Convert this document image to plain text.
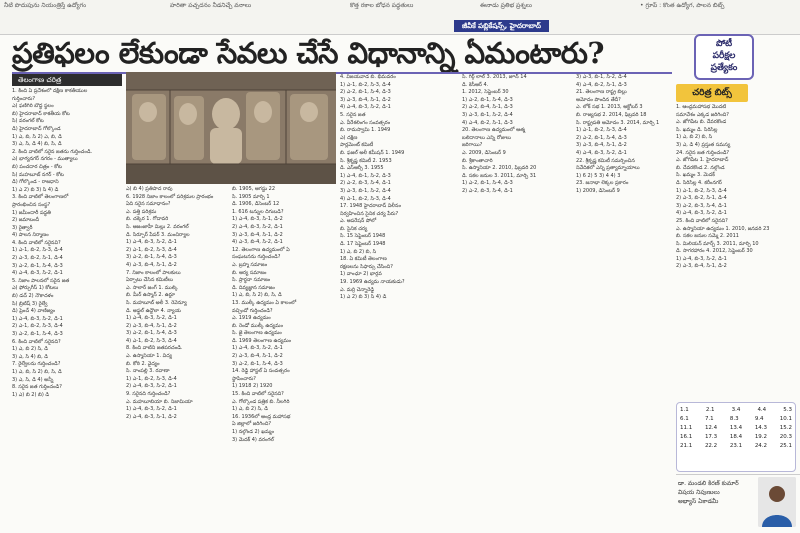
నీటి పొదుపును నియంత్రిస్తే ఉద్యోగం	హరితా పచ్చదనం నీడనిచ్చే వనాలు	కొత్త రకాల బోధన పద్ధతులు	ఈనాడు ప్రతిభ ప్రశ్నలు	• గ్రూప్ : కొంత ఉద్యోగ, పాలన బిట్స్
జీవీకే పబ్లికేషన్స్, హైదరాబాద్
ప్రతిఫలం లేకుండా సేవలు చేసే విధానాన్ని ఏమంటారు?	పోటీ
పరీక్షల
ప్రత్యేకం
తెలంగాణ చరిత్ర
చరిత్ర బిట్స్

1. కింది ఏ ప్రదేశంలో దక్షిణ కాకతీయుల

గుర్తించారు?

ఎ) ఫణిగిరి బౌద్ధ స్థలం

బి) హైదరాబాద్ కాకతీయ కోట

సి) వరంగల్ కోట

డి) హైదరాబాద్ గోల్కొండ

1) ఎ, బి, సి 2) ఎ, బి, డి

3) ఎ, సి, డి 4) బి, సి, డి

2. కింది వాటిలో సరైన జతను గుర్తించండి.

ఎ) భాగ్యనగర్ నగరం - ముత్యాలు

బి) పంచదార చిత్రం - కోట

సి) మహబూబ్ నగర్ - కోట

డి) గోల్కొండ - రాజధాని

1) ఎ 2) బి 3) సి 4) డి

3. కింది వాటిలో తెలంగాణలో

ప్రారంభించిన సంస్థ?

1) జమీందారీ పద్ధతి

2) జమాబందీ

3) రైత్వారీ

4) పాలన నిర్మాణం

4. కింది వాటిలో సరైనవి?

1) ఎ-1, బి-2, సి-3, డి-4

2) ఎ-3, బి-2, సి-1, డి-4

3) ఎ-2, బి-1, సి-4, డి-3

4) ఎ-4, బి-3, సి-2, డి-1

5. నిజాం పాలనలో సరైన జత

ఎ) ఫోర్చుగీస్ 1) కోటలు

బి) డచ్ 2) నౌకాదళం

సి) బ్రిటిష్ 3) రైల్వే

డి) ఫ్రెంచ్ 4) వాణిజ్యం

1) ఎ-4, బి-3, సి-2, డి-1

2) ఎ-1, బి-2, సి-3, డి-4

3) ఎ-2, బి-1, సి-4, డి-3

6. కింది వాటిలో సరైనది?

1) ఎ, బి 2) సి, డి

3) ఎ, సి 4) బి, డి

7. రైల్వేలను గుర్తించండి?

1) ఎ, బి, సి 2) బి, సి, డి

3) ఎ, సి, డి 4) అన్నీ

8. సరైన జత గుర్తించండి?

1) ఎ) బి 2) బి) డి

ఎ) బి 4) ప్రతిపాద రావు

6. 1928 నిజాం కాలంలో పరిశ్రమల ప్రారంభం

ఏది సరైన సమాధానం?

ఎ. పత్తి పరిశ్రమ

బి. చక్కెర 1. గోదావరి

సి. ఆజంజాహీ మిల్లు 2. వరంగల్

డి. సిర్పూర్ పేపర్ 3. మంచిర్యాల

1) ఎ-4, బి-3, సి-2, డి-1

2) ఎ-1, బి-2, సి-3, డి-4

3) ఎ-2, బి-1, సి-4, డి-3

4) ఎ-3, బి-4, సి-1, డి-2

7. నిజాం కాలంలో పాలకులు

ఏర్పాటు చేసిన కమిటీలు

ఎ. సాలార్ జంగ్ 1. ముల్కి

బి. మీర్ ఉస్మాన్ 2. ఉర్దూ

సి. మహబూబ్ అలీ 3. రెవెన్యూ

డి. అఫ్జల్ ఉద్దౌలా 4. న్యాయ

1) ఎ-4, బి-3, సి-2, డి-1

2) ఎ-3, బి-4, సి-1, డి-2

3) ఎ-2, బి-1, సి-4, డి-3

4) ఎ-1, బి-2, సి-3, డి-4

8. కింది వాటిని జతపరచండి.

ఎ. ఉస్మానియా 1. విద్య

బి. కోఠి 2. వైద్యం

సి. నాంపల్లి 3. రవాణా

1) ఎ-1, బి-2, సి-3, డి-4

2) ఎ-4, బి-3, సి-2, డి-1

9. సరైనది గుర్తించండి?

ఎ. మహబూబియా బి. నిజామియా

1) ఎ-4, బి-3, సి-2, డి-1

2) ఎ-4, బి-3, సి-1, డి-2

బి. 1905, ఆగస్టు 22

సి. 1905 మార్చి 1

డి. 1906, డిసెంబర్ 12

1. 616 టన్నుల దిగుబడి?

1) ఎ-4, బి-3, సి-1, డి-2

2) ఎ-4, బి-3, సి-2, డి-1

3) ఎ-3, బి-4, సి-1, డి-2

4) ఎ-3, బి-4, సి-2, డి-1

12. తెలంగాణ ఉద్యమంలో ఏ

సంఘటనను గుర్తించండి?

ఎ. బ్రహ్మ సమాజం

బి. ఆర్య సమాజం

సి. ప్రార్థనా సమాజం

డి. దివ్యజ్ఞాన సమాజం

1) ఎ, బి, సి 2) బి, సి, డి

13. ముల్కీ ఉద్యమం ఏ కాలంలో

వచ్చిందో గుర్తించండి?

ఎ. 1919 ఉద్యమం

బి. రెండో ముల్కీ ఉద్యమం

సి. జై తెలంగాణ ఉద్యమం

డి. 1969 తెలంగాణ ఉద్యమం

1) ఎ-4, బి-3, సి-2, డి-1

2) ఎ-3, బి-4, సి-1, డి-2

3) ఎ-2, బి-1, సి-4, డి-3

14. రెడ్డి హాస్టల్ ఏ సంవత్సరం

స్థాపించారు?

1) 1918 2) 1920

15. కింది వాటిలో సరైనది?

ఎ. గోల్కొండ పత్రిక బి. నీలగిరి

1) ఎ, బి 2) సి, డి

16. 1936లో ఆంధ్ర మహాసభ

ఏ జిల్లాలో జరిగింది?

1) నల్గొండ 2) ఖమ్మం

3) మెదక్ 4) వరంగల్

4. విజయవాడ బి. భీమవరం

1) ఎ-1, బి-2, సి-3, డి-4

2) ఎ-2, బి-1, సి-4, డి-3

3) ఎ-3, బి-4, సి-1, డి-2

4) ఎ-4, బి-3, సి-2, డి-1

5. సరైన జత

ఎ. వీరేశలింగం సంవత్సరం

బి. రామస్వామి 1. 1949

ఎ) దక్షిణ

పార్లమెంట్ కమిటీ

బి. ఫజల్ అలీ కమీషన్ 1. 1949

సి. శ్రీకృష్ణ కమిటీ 2. 1953

డి. ఎస్ఆర్సీ 3. 1955

1) ఎ-4, బి-1, సి-2, డి-3

2) ఎ-2, బి-3, సి-4, డి-1

3) ఎ-3, బి-1, సి-2, డి-4

4) ఎ-1, బి-2, సి-3, డి-4

17. 1948 హైదరాబాద్ విలీనం

నిర్వహించిన సైనిక చర్య పేరు?

ఎ. ఆపరేషన్ పోలో

బి. సైనిక చర్య

సి. 15 సెప్టెంబర్ 1948

డి. 17 సెప్టెంబర్ 1948

1) ఎ, బి 2) బి, సి

18. ఏ కమిటీ తెలంగాణ

రక్షణలను సిఫార్సు చేసింది?

1) వాంఛూ 2) భార్గవ

19. 1969 ఉద్యమ నాయకుడు?

ఎ. మర్రి చెన్నారెడ్డి

1) ఎ 2) బి 3) సి 4) డి

సి. గిర్గ్ లాల్ 3. 2013, జూన్ 14

డి. కెసీఆర్ 4.

1. 2012, సెప్టెంబర్ 30

1) ఎ-2, బి-1, సి-4, డి-3

2) ఎ-2, బి-4, సి-1, డి-3

3) ఎ-3, బి-1, సి-2, డి-4

4) ఎ-4, బి-2, సి-1, డి-3

20. తెలంగాణ ఉద్యమంలో ఆత్మ

బలిదానాలు ఎన్ని రోజులు

జరిగాయి?

ఎ. 2009, డిసెంబర్ 9

బి. శ్రీకాంతాచారి

సి. ఉస్మానియా 2. 2010, ఫిబ్రవరి 20

డి. సకల జనుల 3. 2011, మార్చి 31

1) ఎ-2, బి-1, సి-4, డి-3

2) ఎ-2, బి-3, సి-4, డి-1

3) ఎ-3, బి-1, సి-2, డి-4

4) ఎ-4, బి-2, సి-1, డి-3

21. తెలంగాణ రాష్ట్ర బిల్లు

ఆమోదం పొందిన తేదీ?

ఎ. లోక్ సభ 1. 2013, అక్టోబర్ 3

బి. రాజ్యసభ 2. 2014, ఫిబ్రవరి 18

సి. రాష్ట్రపతి ఆమోదం 3. 2014, మార్చి 1

1) ఎ-1, బి-2, సి-3, డి-4

2) ఎ-2, బి-1, సి-4, డి-3

3) ఎ-3, బి-4, సి-1, డి-2

4) ఎ-4, బి-3, సి-2, డి-1

22. శ్రీకృష్ణ కమిటీ సమర్పించిన

నివేదికలో ఎన్ని ప్రత్యామ్నాయాలు

1) 6 2) 5 3) 4 4) 3

23. జనాభా లెక్కల ప్రకారం

1) 2009, డిసెంబర్ 9

1. ఆంధ్రమహాసభ మొదటి

సమావేశం ఎక్కడ జరిగింది?

ఎ. జోగిపేట బి. దేవరకొండ

సి. ఖమ్మం డి. సిరిసిల్ల

1) ఎ, బి 2) బి, సి

3) ఎ, డి 4) ప్రస్తుత సమస్య

24. సరైన జత గుర్తించండి?

ఎ. జోగిపేట 1. హైదరాబాద్

బి. దేవరకొండ 2. నల్గొండ

సి. ఖమ్మం 3. మెదక్

డి. సిరిసిల్ల 4. కరీంనగర్

1) ఎ-1, బి-2, సి-3, డి-4

2) ఎ-3, బి-2, సి-1, డి-4

3) ఎ-2, బి-3, సి-4, డి-1

4) ఎ-4, బి-3, సి-2, డి-1

25. కింది వాటిలో సరైనది?

ఎ. ఉస్మానియా ఉద్యమం 1. 2010, జనవరి 23

బి. సకల జనుల సమ్మె 2. 2011

సి. మిలియన్ మార్చ్ 3. 2011, మార్చి 10

డి. సాగరహారం 4. 2012, సెప్టెంబర్ 30

1) ఎ-4, బి-3, సి-2, డి-1

2) ఎ-3, బి-4, సి-1, డి-2

1.1	2.1	3.4	4.4	5.3
6.1	7.1	8.3	9.4	10.1
11.1 12.4 13.4 14.3 15.2
16.1 17.3 18.4 19.2 20.3
21.1 22.2 23.1 24.2 25.1
డా. మండలి కిరణ్ కుమార్
విషయ నిపుణులు
అభ్యాస్ ఏకాడమీ
